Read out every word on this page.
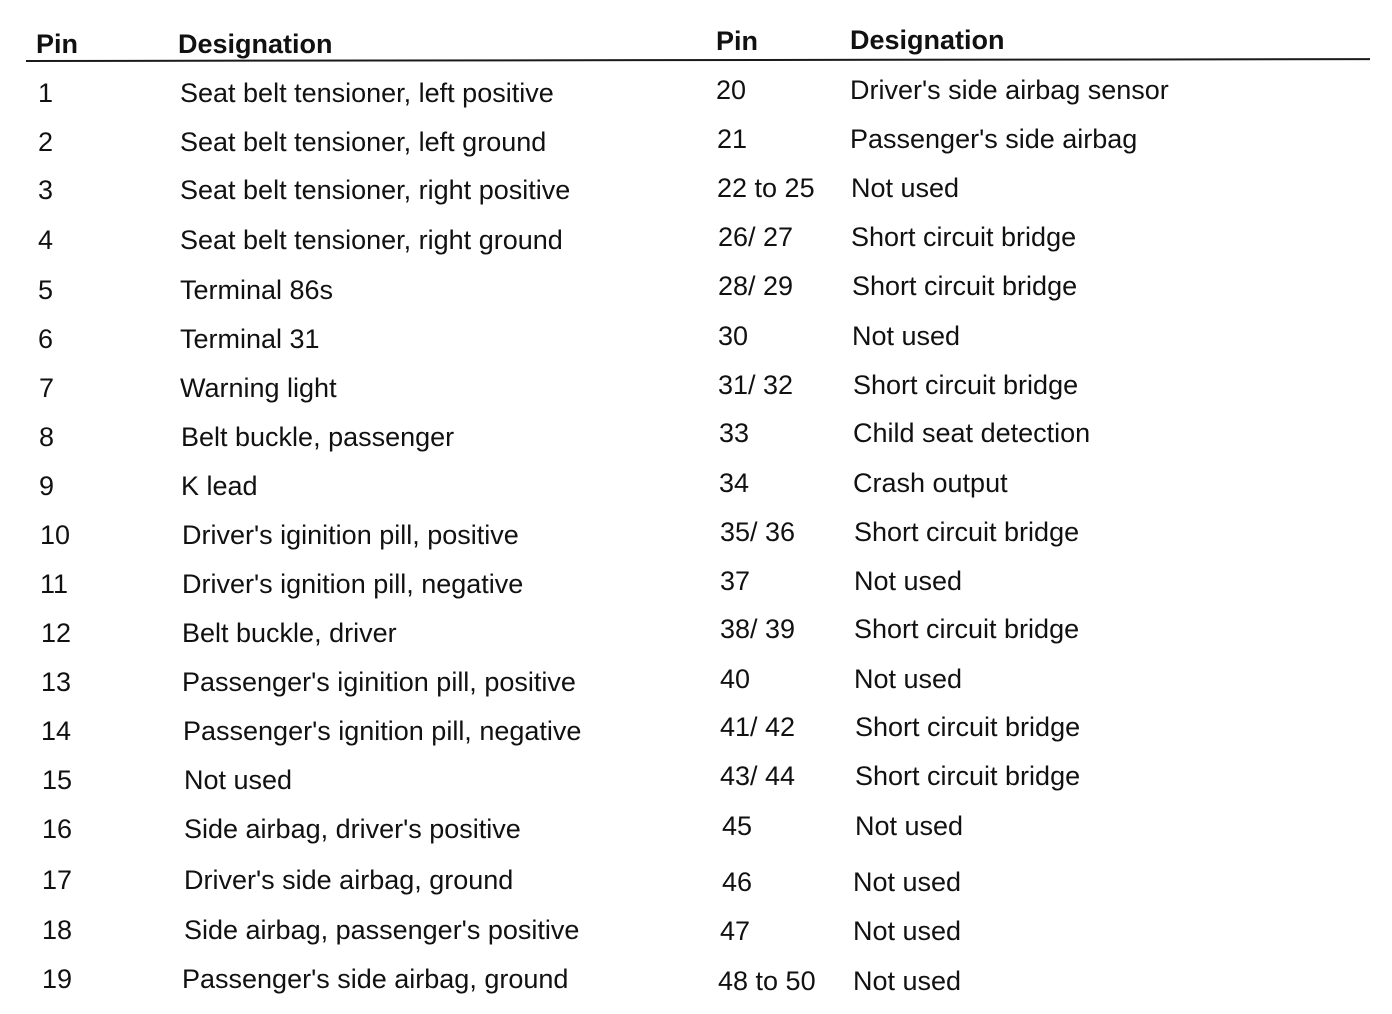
Pin	Designation	Pin	Designation
1	Seat belt tensioner, left positive	20	Driver's side airbag sensor
2	Seat belt tensioner, left ground	21	Passenger's side airbag
3	Seat belt tensioner, right positive	22 to 25 Not used
4	Seat belt tensioner, right ground	26/ 27 Short circuit bridge
5	Terminal 86s	28/ 29 Short circuit bridge
6	Terminal 31	30	Not used
7	Warning light	31/ 32 Short circuit bridge
8	Belt buckle, passenger	33	Child seat detection
9	K lead	34	Crash output
10	Driver's iginition pill, positive	35/ 36 Short circuit bridge
11	Driver's ignition pill, negative	37	Not used
12	Belt buckle, driver	38/ 39 Short circuit bridge
13	Passenger's iginition pill, positive	40	Not used
14	Passenger's ignition pill, negative	41/ 42 Short circuit bridge
15	Not used	43/ 44 Short circuit bridge
16	Side airbag, driver's positive	45	Not used
17	Driver's side airbag, ground	46	Not used
18	Side airbag, passenger's positive	47	Not used
19	Passenger's side airbag, ground	48 to 50 Not used
